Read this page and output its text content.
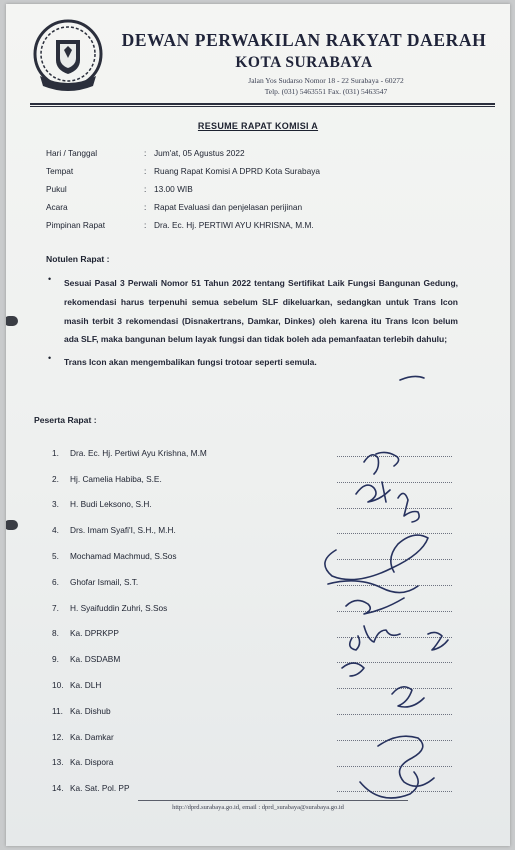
DEWAN PERWAKILAN RAKYAT DAERAH
KOTA SURABAYA
Jalan Yos Sudarso Nomor 18 - 22 Surabaya - 60272
Telp. (031) 5463551 Fax. (031) 5463547
RESUME RAPAT KOMISI A
Hari / Tanggal	: Jum'at, 05 Agustus 2022
Tempat	: Ruang Rapat Komisi A DPRD Kota Surabaya
Pukul	: 13.00 WIB
Acara	: Rapat Evaluasi dan penjelasan perijinan
Pimpinan Rapat	: Dra. Ec. Hj. PERTIWI AYU KHRISNA, M.M.
Notulen Rapat :
•	Sesuai Pasal 3 Perwali Nomor 51 Tahun 2022 tentang Sertifikat Laik Fungsi Bangunan Gedung, rekomendasi harus terpenuhi semua sebelum SLF dikeluarkan, sedangkan untuk Trans Icon masih terbit 3 rekomendasi (Disnakertrans, Damkar, Dinkes) oleh karena itu Trans Icon belum ada SLF, maka bangunan belum layak fungsi dan tidak boleh ada pemanfaatan terlebih dahulu;
•	Trans Icon akan mengembalikan fungsi trotoar seperti semula.
Peserta Rapat :
1.	Dra. Ec. Hj. Pertiwi Ayu Krishna, M.M
2.	Hj. Camelia Habiba, S.E.
3.	H. Budi Leksono, S.H.
4.	Drs. Imam Syafi'I, S.H., M.H.
5.	Mochamad Machmud, S.Sos
6.	Ghofar Ismail, S.T.
7.	H. Syaifuddin Zuhri, S.Sos
8.	Ka. DPRKPP
9.	Ka. DSDABM
10. Ka. DLH
11. Ka. Dishub
12. Ka. Damkar
13. Ka. Dispora
14. Ka. Sat. Pol. PP
http://dprd.surabaya.go.id, email : dprd_surabaya@surabaya.go.id
